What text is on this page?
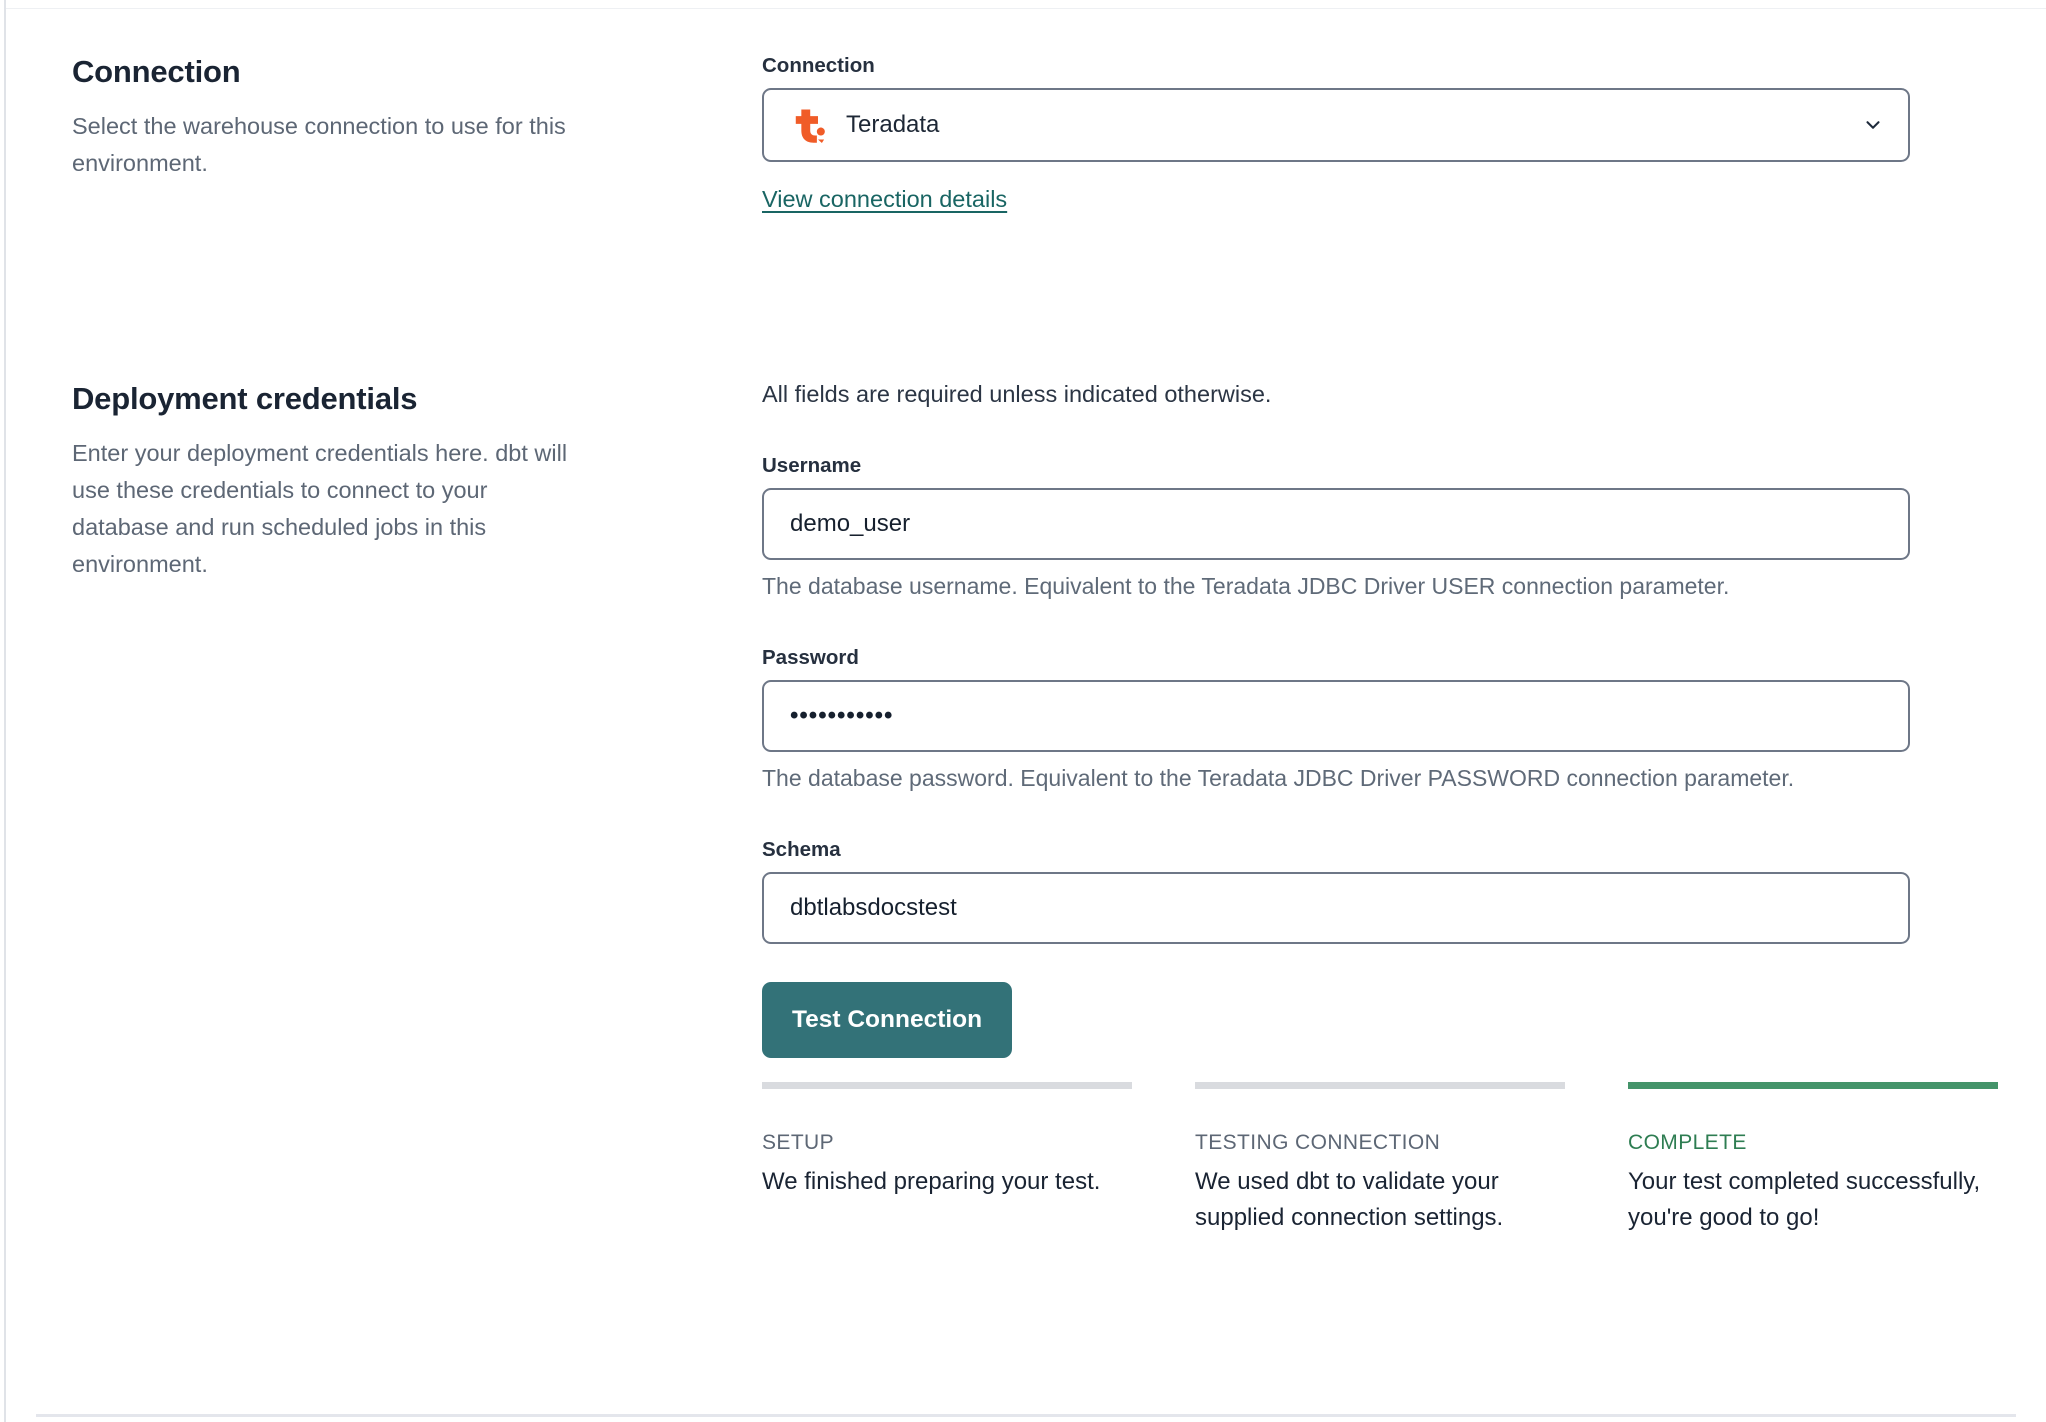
Connection

Select the warehouse connection to use for this environment.

Connection
Teradata
View connection details
Deployment credentials

Enter your deployment credentials here. dbt will use these credentials to connect to your database and run scheduled jobs in this environment.

All fields are required unless indicated otherwise.

Username
demo_user

The database username. Equivalent to the Teradata JDBC Driver USER connection parameter.

Password
•••••••••••

The database password. Equivalent to the Teradata JDBC Driver PASSWORD connection parameter.

Schema
dbtlabsdocstest
Test Connection
SETUP
We finished preparing your test.
TESTING CONNECTION
We used dbt to validate your supplied connection settings.
COMPLETE
Your test completed successfully, you're good to go!
